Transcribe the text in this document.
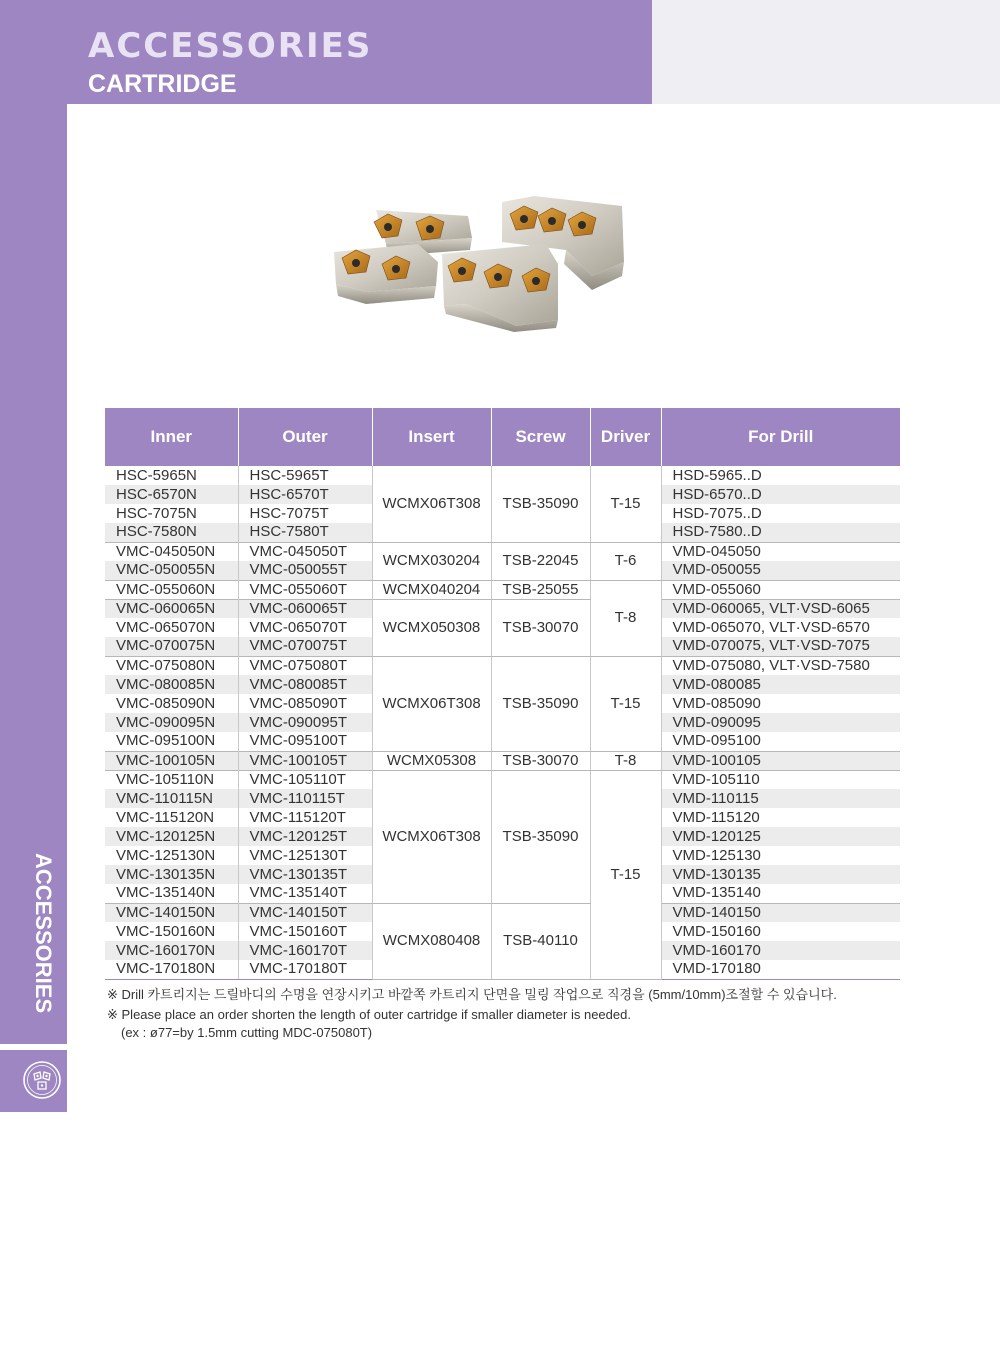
ACCESSORIES
CARTRIDGE
ACCESSORIES
Inner	Outer	Insert	Screw	Driver	For Drill
HSC-5965N	HSC-5965T	WCMX06T308	TSB-35090	T-15	HSD-5965..D
HSC-6570N	HSC-6570T				HSD-6570..D
HSC-7075N	HSC-7075T				HSD-7075..D
HSC-7580N	HSC-7580T				HSD-7580..D
VMC-045050N	VMC-045050T	WCMX030204	TSB-22045	T-6	VMD-045050
VMC-050055N	VMC-050055T				VMD-050055
VMC-055060N	VMC-055060T	WCMX040204	TSB-25055	T-8	VMD-055060
VMC-060065N	VMC-060065T	WCMX050308	TSB-30070		VMD-060065, VLT·VSD-6065
VMC-065070N	VMC-065070T				VMD-065070, VLT·VSD-6570
VMC-070075N	VMC-070075T				VMD-070075, VLT·VSD-7075
VMC-075080N	VMC-075080T	WCMX06T308	TSB-35090	T-15	VMD-075080, VLT·VSD-7580
VMC-080085N	VMC-080085T				VMD-080085
VMC-085090N	VMC-085090T				VMD-085090
VMC-090095N	VMC-090095T				VMD-090095
VMC-095100N	VMC-095100T				VMD-095100
VMC-100105N	VMC-100105T	WCMX05308	TSB-30070	T-8	VMD-100105
VMC-105110N	VMC-105110T	WCMX06T308	TSB-35090	T-15	VMD-105110
VMC-110115N	VMC-110115T				VMD-110115
VMC-115120N	VMC-115120T				VMD-115120
VMC-120125N	VMC-120125T				VMD-120125
VMC-125130N	VMC-125130T				VMD-125130
VMC-130135N	VMC-130135T				VMD-130135
VMC-135140N	VMC-135140T				VMD-135140
VMC-140150N	VMC-140150T	WCMX080408	TSB-40110		VMD-140150
VMC-150160N	VMC-150160T				VMD-150160
VMC-160170N	VMC-160170T				VMD-160170
VMC-170180N	VMC-170180T				VMD-170180
※ Drill 카트리지는 드릴바디의 수명을 연장시키고 바깥쪽 카트리지 단면을 밀링 작업으로 직경을 (5mm/10mm)조절할 수 있습니다.
※ Please place an order shorten the length of outer cartridge if smaller diameter is needed.
(ex : ø77=by 1.5mm cutting MDC-075080T)
